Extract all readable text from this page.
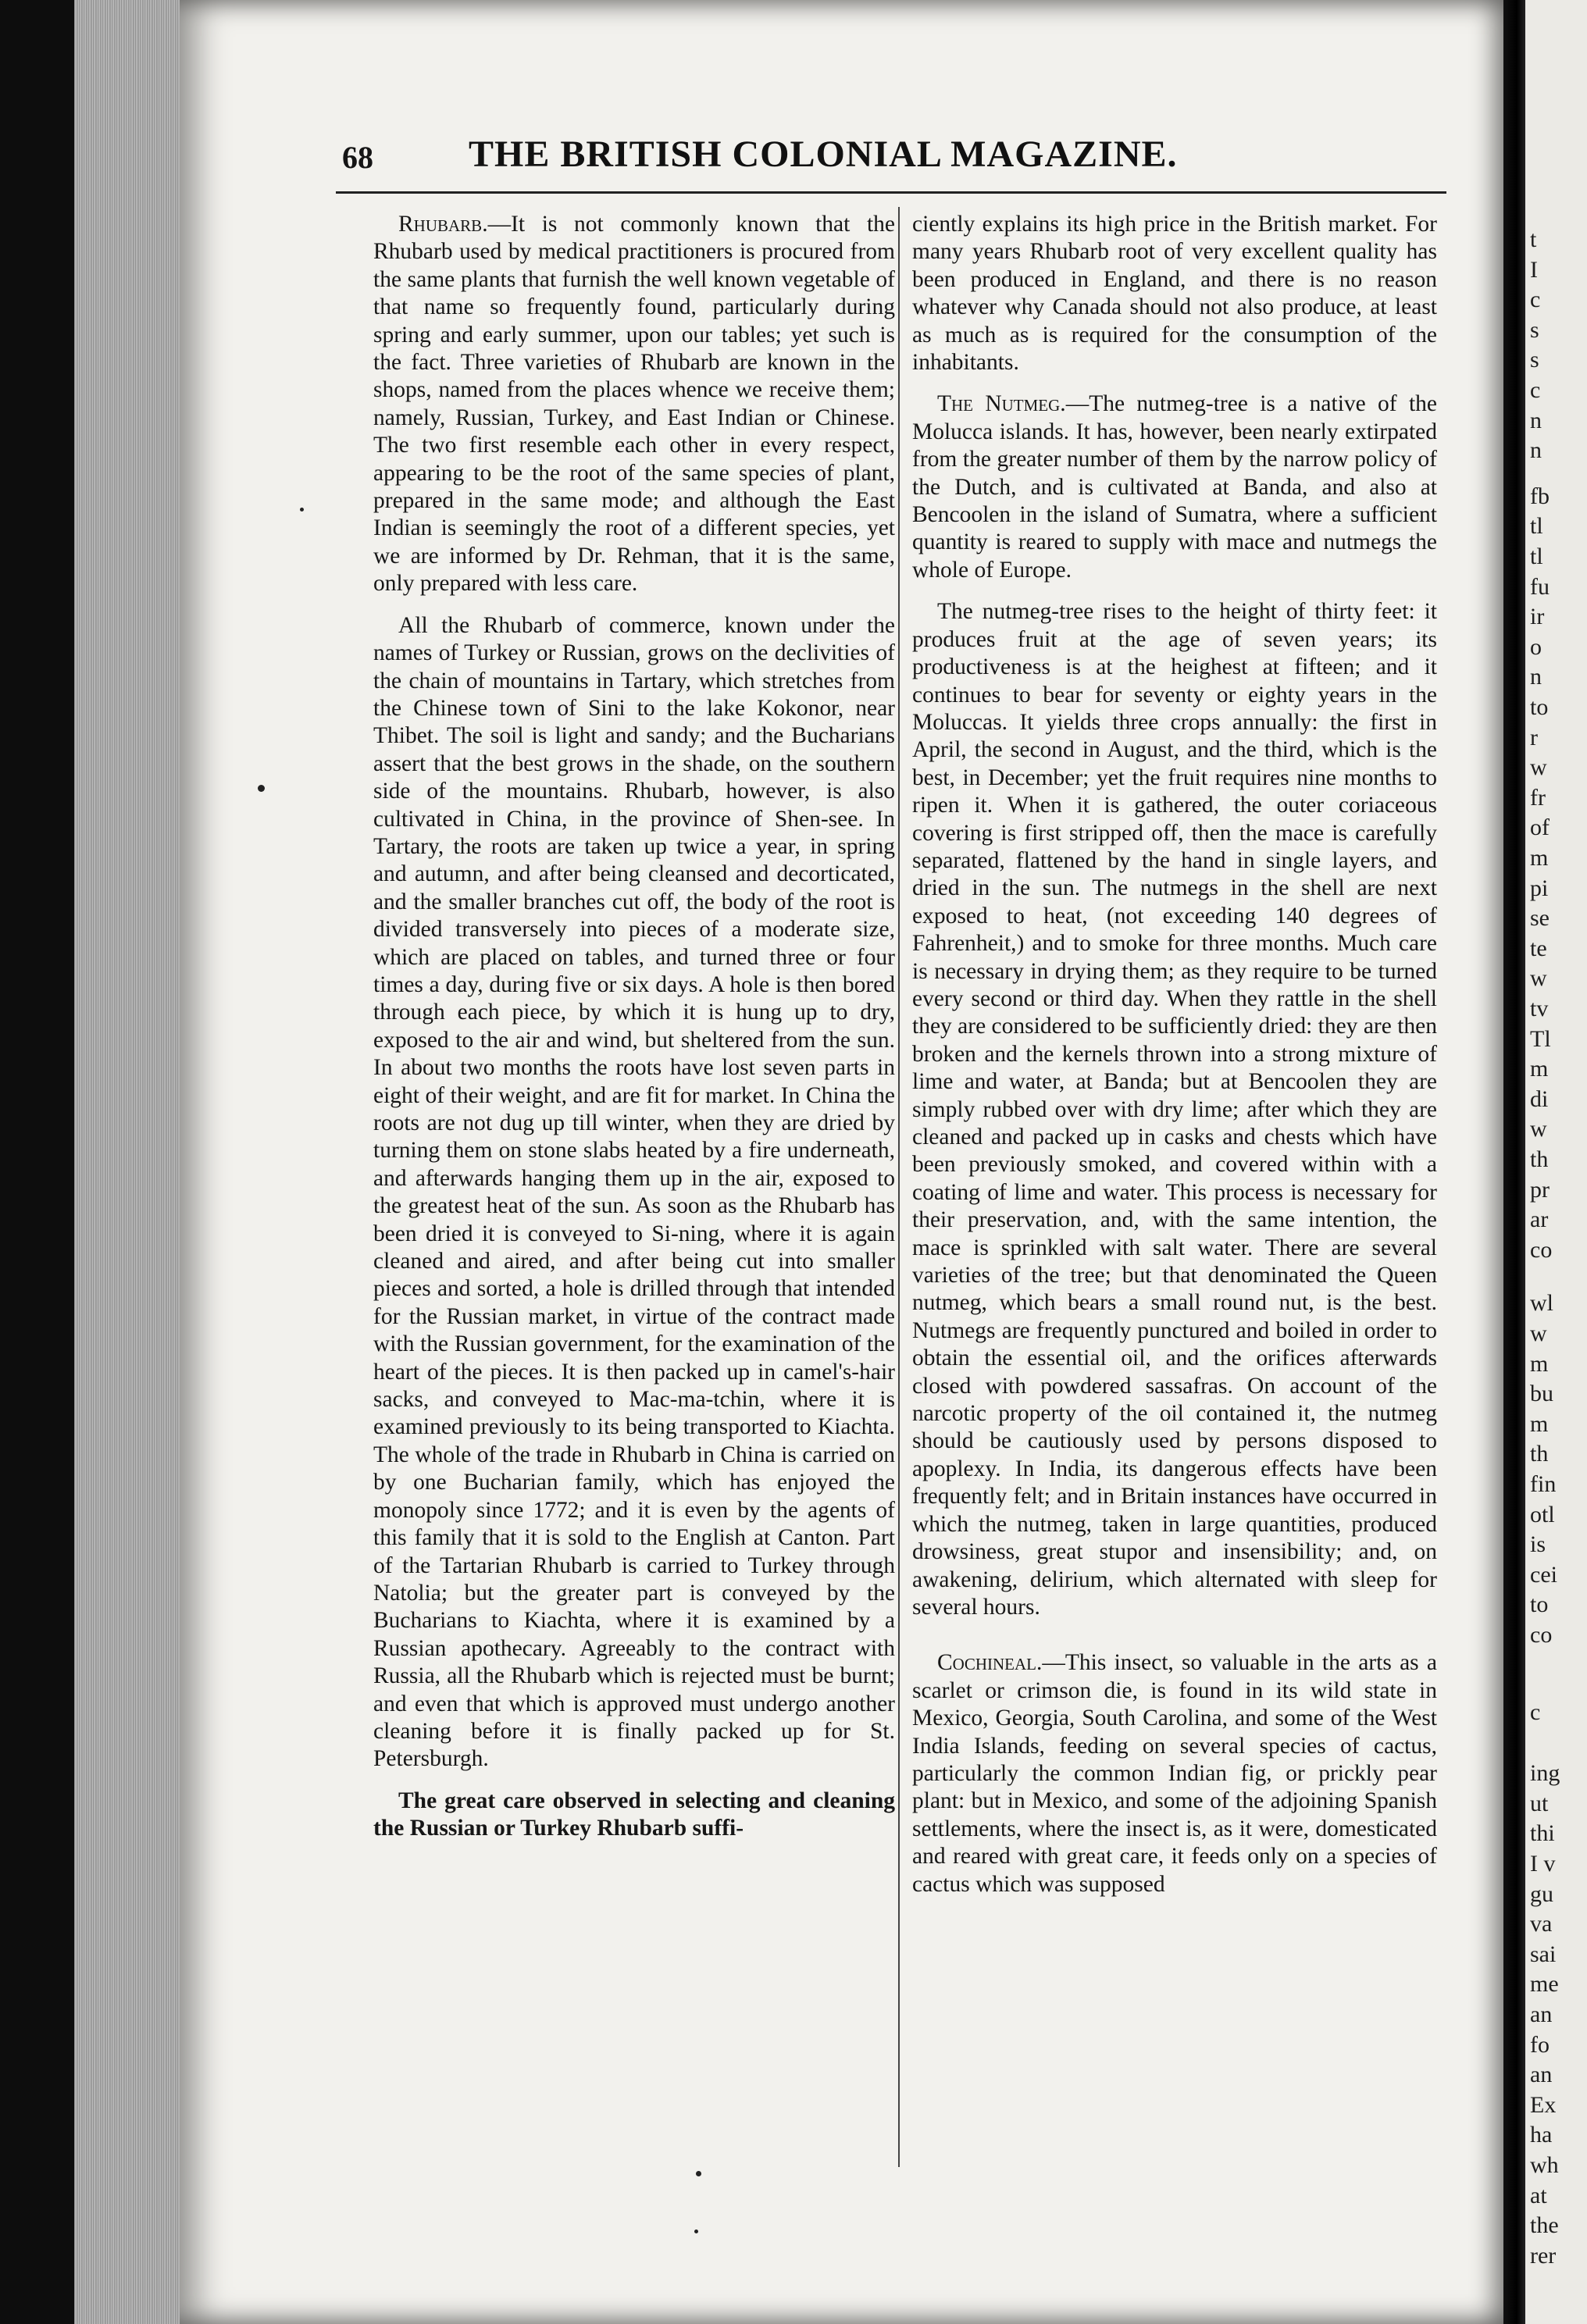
68	THE BRITISH COLONIAL MAGAZINE.

Rhubarb.—It is not commonly known that the Rhubarb used by medical practitioners is procured from the same plants that furnish the well known vegetable of that name so frequently found, particularly during spring and early summer, upon our tables; yet such is the fact. Three varieties of Rhubarb are known in the shops, named from the places whence we receive them; namely, Russian, Turkey, and East Indian or Chinese. The two first resemble each other in every respect, appearing to be the root of the same species of plant, prepared in the same mode; and although the East Indian is seemingly the root of a different species, yet we are informed by Dr. Rehman, that it is the same, only prepared with less care.

All the Rhubarb of commerce, known under the names of Turkey or Russian, grows on the declivities of the chain of mountains in Tartary, which stretches from the Chinese town of Sini to the lake Kokonor, near Thibet. The soil is light and sandy; and the Bucharians assert that the best grows in the shade, on the southern side of the mountains. Rhubarb, however, is also cultivated in China, in the province of Shen-see. In Tartary, the roots are taken up twice a year, in spring and autumn, and after being cleansed and decorticated, and the smaller branches cut off, the body of the root is divided transversely into pieces of a moderate size, which are placed on tables, and turned three or four times a day, during five or six days. A hole is then bored through each piece, by which it is hung up to dry, exposed to the air and wind, but sheltered from the sun. In about two months the roots have lost seven parts in eight of their weight, and are fit for market. In China the roots are not dug up till winter, when they are dried by turning them on stone slabs heated by a fire underneath, and afterwards hanging them up in the air, exposed to the greatest heat of the sun. As soon as the Rhubarb has been dried it is conveyed to Si-ning, where it is again cleaned and aired, and after being cut into smaller pieces and sorted, a hole is drilled through that intended for the Russian market, in virtue of the contract made with the Russian government, for the examination of the heart of the pieces. It is then packed up in camel's-hair sacks, and conveyed to Mac-ma-tchin, where it is examined previously to its being transported to Kiachta. The whole of the trade in Rhubarb in China is carried on by one Bucharian family, which has enjoyed the monopoly since 1772; and it is even by the agents of this family that it is sold to the English at Canton. Part of the Tartarian Rhubarb is carried to Turkey through Natolia; but the greater part is conveyed by the Bucharians to Kiachta, where it is examined by a Russian apothecary. Agreeably to the contract with Russia, all the Rhubarb which is rejected must be burnt; and even that which is approved must undergo another cleaning before it is finally packed up for St. Petersburgh.

The great care observed in selecting and cleaning the Russian or Turkey Rhubarb suffi-

ciently explains its high price in the British market. For many years Rhubarb root of very excellent quality has been produced in England, and there is no reason whatever why Canada should not also produce, at least as much as is required for the consumption of the inhabitants.

The Nutmeg.—The nutmeg-tree is a native of the Molucca islands. It has, however, been nearly extirpated from the greater number of them by the narrow policy of the Dutch, and is cultivated at Banda, and also at Bencoolen in the island of Sumatra, where a sufficient quantity is reared to supply with mace and nutmegs the whole of Europe.

The nutmeg-tree rises to the height of thirty feet: it produces fruit at the age of seven years; its productiveness is at the heighest at fifteen; and it continues to bear for seventy or eighty years in the Moluccas. It yields three crops annually: the first in April, the second in August, and the third, which is the best, in December; yet the fruit requires nine months to ripen it. When it is gathered, the outer coriaceous covering is first stripped off, then the mace is carefully separated, flattened by the hand in single layers, and dried in the sun. The nutmegs in the shell are next exposed to heat, (not exceeding 140 degrees of Fahrenheit,) and to smoke for three months. Much care is necessary in drying them; as they require to be turned every second or third day. When they rattle in the shell they are considered to be sufficiently dried: they are then broken and the kernels thrown into a strong mixture of lime and water, at Banda; but at Bencoolen they are simply rubbed over with dry lime; after which they are cleaned and packed up in casks and chests which have been previously smoked, and covered within with a coating of lime and water. This process is necessary for their preservation, and, with the same intention, the mace is sprinkled with salt water. There are several varieties of the tree; but that denominated the Queen nutmeg, which bears a small round nut, is the best. Nutmegs are frequently punctured and boiled in order to obtain the essential oil, and the orifices afterwards closed with powdered sassafras. On account of the narcotic property of the oil contained it, the nutmeg should be cautiously used by persons disposed to apoplexy. In India, its dangerous effects have been frequently felt; and in Britain instances have occurred in which the nutmeg, taken in large quantities, produced drowsiness, great stupor and insensibility; and, on awakening, delirium, which alternated with sleep for several hours.

Cochineal.—This insect, so valuable in the arts as a scarlet or crimson die, is found in its wild state in Mexico, Georgia, South Carolina, and some of the West India Islands, feeding on several species of cactus, particularly the common Indian fig, or prickly pear plant: but in Mexico, and some of the adjoining Spanish settlements, where the insect is, as it were, domesticated and reared with great care, it feeds only on a species of cactus which was supposed

t
I
c
s
s
c
n
n
fb
tl
tl
fu
ir
o
n
to
r
w
fr
of
m
pi
se
te
w
tv
Tl
m
di
w
th
pr
ar
co
wl
w
m
bu
m
th
fin
otl
is
cei
to
co
c
ing
ut
thi
I v
gu
va
sai
me
an
fo
an
Ex
ha
wh
at
the
rer
